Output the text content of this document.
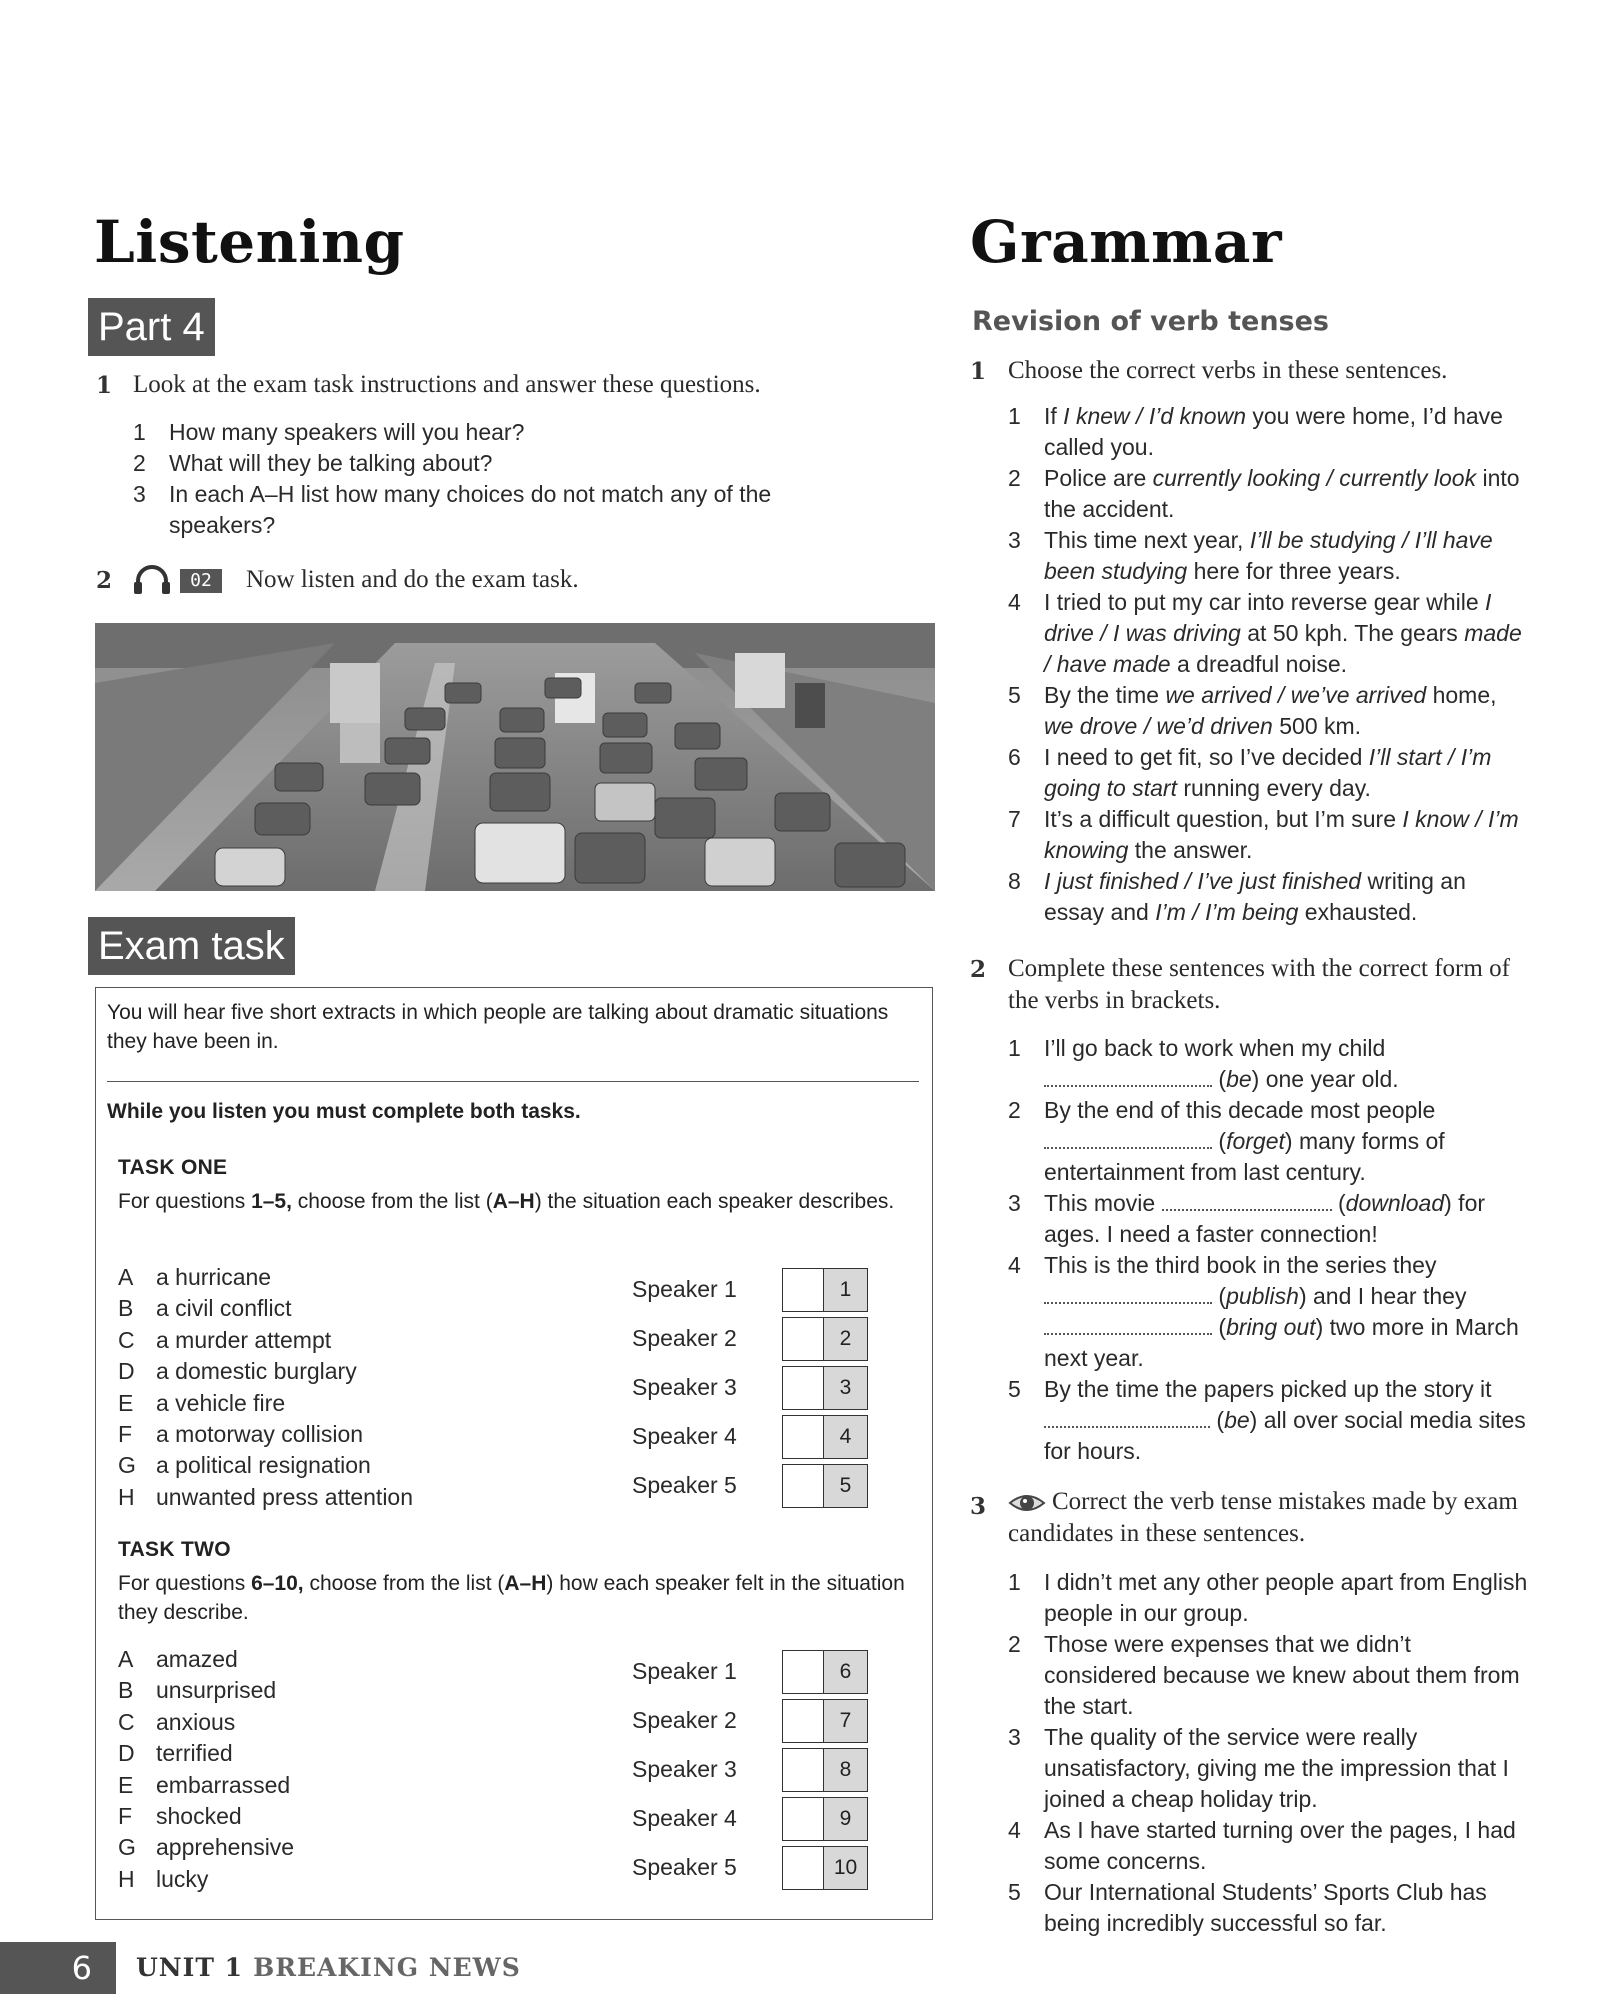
Listening
Part 4
1 Look at the exam task instructions and answer these questions.
1 How many speakers will you hear?
2 What will they be talking about?
3 In each A–H list how many choices do not match any of the speakers?
2	02	Now listen and do the exam task.
Exam task
You will hear five short extracts in which people are talking about dramatic situations they have been in.
While you listen you must complete both tasks.
TASK ONE
For questions 1–5, choose from the list (A–H) the situation each speaker describes.
A a hurricane
B a civil conflict
C a murder attempt
D a domestic burglary
E a vehicle fire
F a motorway collision
G a political resignation
H unwanted press attention
Speaker 1	1
Speaker 2	2
Speaker 3	3
Speaker 4	4
Speaker 5	5
TASK TWO
For questions 6–10, choose from the list (A–H) how each speaker felt in the situation they describe.
A amazed
B unsurprised
C anxious
D terrified
E embarrassed
F shocked
G apprehensive
H lucky
Speaker 1	6
Speaker 2	7
Speaker 3	8
Speaker 4	9
Speaker 5	10
Grammar
Revision of verb tenses
1 Choose the correct verbs in these sentences.
1 If I knew / I’d known you were home, I’d have called you.
2 Police are currently looking / currently look into the accident.
3 This time next year, I’ll be studying / I’ll have been studying here for three years.
4 I tried to put my car into reverse gear while I drive / I was driving at 50 kph. The gears made / have made a dreadful noise.
5 By the time we arrived / we’ve arrived home, we drove / we’d driven 500 km.
6 I need to get fit, so I’ve decided I’ll start / I’m going to start running every day.
7 It’s a difficult question, but I’m sure I know / I’m knowing the answer.
8 I just finished / I’ve just finished writing an essay and I’m / I’m being exhausted.
2 Complete these sentences with the correct form of the verbs in brackets.
1 I’ll go back to work when my child
(be) one year old.
2 By the end of this decade most people
(forget) many forms of entertainment from last century.
3 This movie	(download) for ages. I need a faster connection!
4 This is the third book in the series they
(publish) and I hear they
(bring out) two more in March next year.
5 By the time the papers picked up the story it  (be) all over social media sites for hours.
3	Correct the verb tense mistakes made by exam candidates in these sentences.
1 I didn’t met any other people apart from English people in our group.
2 Those were expenses that we didn’t considered because we knew about them from the start.
3 The quality of the service were really unsatisfactory, giving me the impression that I joined a cheap holiday trip.
4 As I have started turning over the pages, I had some concerns.
5 Our International Students’ Sports Club has being incredibly successful so far.
6	UNIT 1 BREAKING NEWS
